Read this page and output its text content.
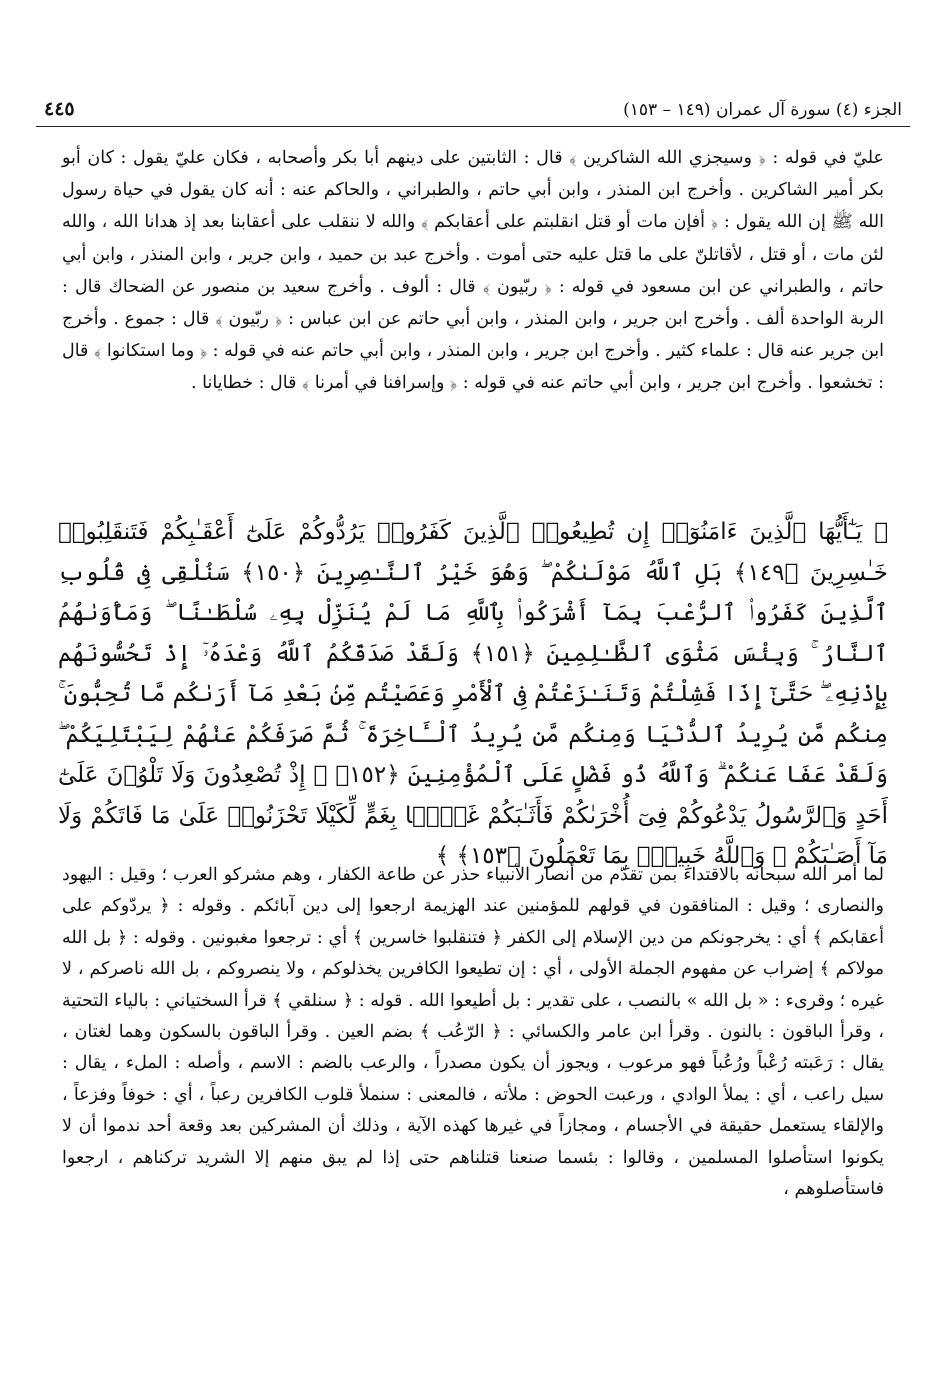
الجزء (٤) سورة آل عمران (١٤٩ – ١٥٣)
٤٤٥

عليّ في قوله : ﴿ وسيجزي الله الشاكرين ﴾ قال : الثابتين على دينهم أبا بكر وأصحابه ، فكان عليّ يقول : كان أبو بكر أمير الشاكرين . وأخرج ابن المنذر ، وابن أبي حاتم ، والطبراني ، والحاكم عنه : أنه كان يقول في حياة رسول الله ﷺ إن الله يقول : ﴿ أفإن مات أو قتل انقلبتم على أعقابكم ﴾ والله لا ننقلب على أعقابنا بعد إذ هدانا الله ، والله لئن مات ، أو قتل ، لأقاتلنّ على ما قتل عليه حتى أموت . وأخرج عبد بن حميد ، وابن جرير ، وابن المنذر ، وابن أبي حاتم ، والطبراني عن ابن مسعود في قوله : ﴿ ربّيون ﴾ قال : ألوف . وأخرج سعيد بن منصور عن الضحاك قال : الربة الواحدة ألف . وأخرج ابن جرير ، وابن المنذر ، وابن أبي حاتم عن ابن عباس : ﴿ ربّيون ﴾ قال : جموع . وأخرج ابن جرير عنه قال : علماء كثير . وأخرج ابن جرير ، وابن المنذر ، وابن أبي حاتم عنه في قوله : ﴿ وما استكانوا ﴾ قال : تخشعوا . وأخرج ابن جرير ، وابن أبي حاتم عنه في قوله : ﴿ وإسرافنا في أمرنا ﴾ قال : خطايانا .

﴿ يَـٰٓأَيُّهَا ٱلَّذِينَ ءَامَنُوٓا۟ إِن تُطِيعُوا۟ ٱلَّذِينَ كَفَرُوا۟ يَرُدُّوكُمْ عَلَىٰٓ أَعْقَـٰبِكُمْ فَتَنقَلِبُوا۟ خَـٰسِرِينَ ﴿١٤٩﴾ بَلِ ٱللَّهُ مَوْلَىٰكُمْ ۖ وَهُوَ خَيْرُ ٱلنَّـٰصِرِينَ ﴿١٥٠﴾ سَنُلْقِى فِى قُلُوبِ ٱلَّذِينَ كَفَرُوا۟ ٱلرُّعْبَ بِمَآ أَشْرَكُوا۟ بِٱللَّهِ مَا لَمْ يُنَزِّلْ بِهِۦ سُلْطَـٰنًا ۖ وَمَأْوَىٰهُمُ ٱلنَّارُ ۚ وَبِئْسَ مَثْوَى ٱلظَّـٰلِمِينَ ﴿١٥١﴾ وَلَقَدْ صَدَقَكُمُ ٱللَّهُ وَعْدَهُۥٓ إِذْ تَحُسُّونَهُم بِإِذْنِهِۦ ۖ حَتَّىٰٓ إِذَا فَشِلْتُمْ وَتَنَـٰزَعْتُمْ فِى ٱلْأَمْرِ وَعَصَيْتُم مِّنۢ بَعْدِ مَآ أَرَىٰكُم مَّا تُحِبُّونَ ۚ مِنكُم مَّن يُرِيدُ ٱلدُّنْيَا وَمِنكُم مَّن يُرِيدُ ٱلْـَٔاخِرَةَ ۚ ثُمَّ صَرَفَكُمْ عَنْهُمْ لِيَبْتَلِيَكُمْ ۖ وَلَقَدْ عَفَا عَنكُمْ ۗ وَٱللَّهُ ذُو فَضْلٍ عَلَى ٱلْمُؤْمِنِينَ ﴿١٥٢﴾ ۞ إِذْ تُصْعِدُونَ وَلَا تَلْوُۥنَ عَلَىٰٓ أَحَدٍ وَٱلرَّسُولُ يَدْعُوكُمْ فِىٓ أُخْرَىٰكُمْ فَأَثَـٰبَكُمْ غَمًّۢا بِغَمٍّ لِّكَيْلَا تَحْزَنُوا۟ عَلَىٰ مَا فَاتَكُمْ وَلَا مَآ أَصَـٰبَكُمْ ۗ وَٱللَّهُ خَبِيرٌۢ بِمَا تَعْمَلُونَ ﴿١٥٣﴾ ﴾

لما أمر الله سبحانه بالاقتداء بمن تقدّم من أنصار الأنبياء حذر عن طاعة الكفار ، وهم مشركو العرب ؛ وقيل : اليهود والنصارى ؛ وقيل : المنافقون في قولهم للمؤمنين عند الهزيمة ارجعوا إلى دين آبائكم . وقوله : ﴿ يردّوكم على أعقابكم ﴾ أي : يخرجونكم من دين الإسلام إلى الكفر ﴿ فتنقلبوا خاسرين ﴾ أي : ترجعوا مغبونين . وقوله : ﴿ بل الله مولاكم ﴾ إضراب عن مفهوم الجملة الأولى ، أي : إن تطيعوا الكافرين يخذلوكم ، ولا ينصروكم ، بل الله ناصركم ، لا غيره ؛ وقرىء : « بل الله » بالنصب ، على تقدير : بل أطيعوا الله . قوله : ﴿ سنلقي ﴾ قرأ السختياني : بالياء التحتية ، وقرأ الباقون : بالنون . وقرأ ابن عامر والكسائي : ﴿ الرّعُب ﴾ بضم العين . وقرأ الباقون بالسكون وهما لغتان ، يقال : رَعَبته رُعْباً ورُعُباً فهو مرعوب ، ويجوز أن يكون مصدراً ، والرعب بالضم : الاسم ، وأصله : الملء ، يقال : سيل راعب ، أي : يملأ الوادي ، ورعبت الحوض : ملأته ، فالمعنى : سنملأ قلوب الكافرين رعباً ، أي : خوفاً وفزعاً ، والإلقاء يستعمل حقيقة في الأجسام ، ومجازاً في غيرها كهذه الآية ، وذلك أن المشركين بعد وقعة أحد ندموا أن لا يكونوا استأصلوا المسلمين ، وقالوا : بئسما صنعنا قتلناهم حتى إذا لم يبق منهم إلا الشريد تركناهم ، ارجعوا فاستأصلوهم ،
